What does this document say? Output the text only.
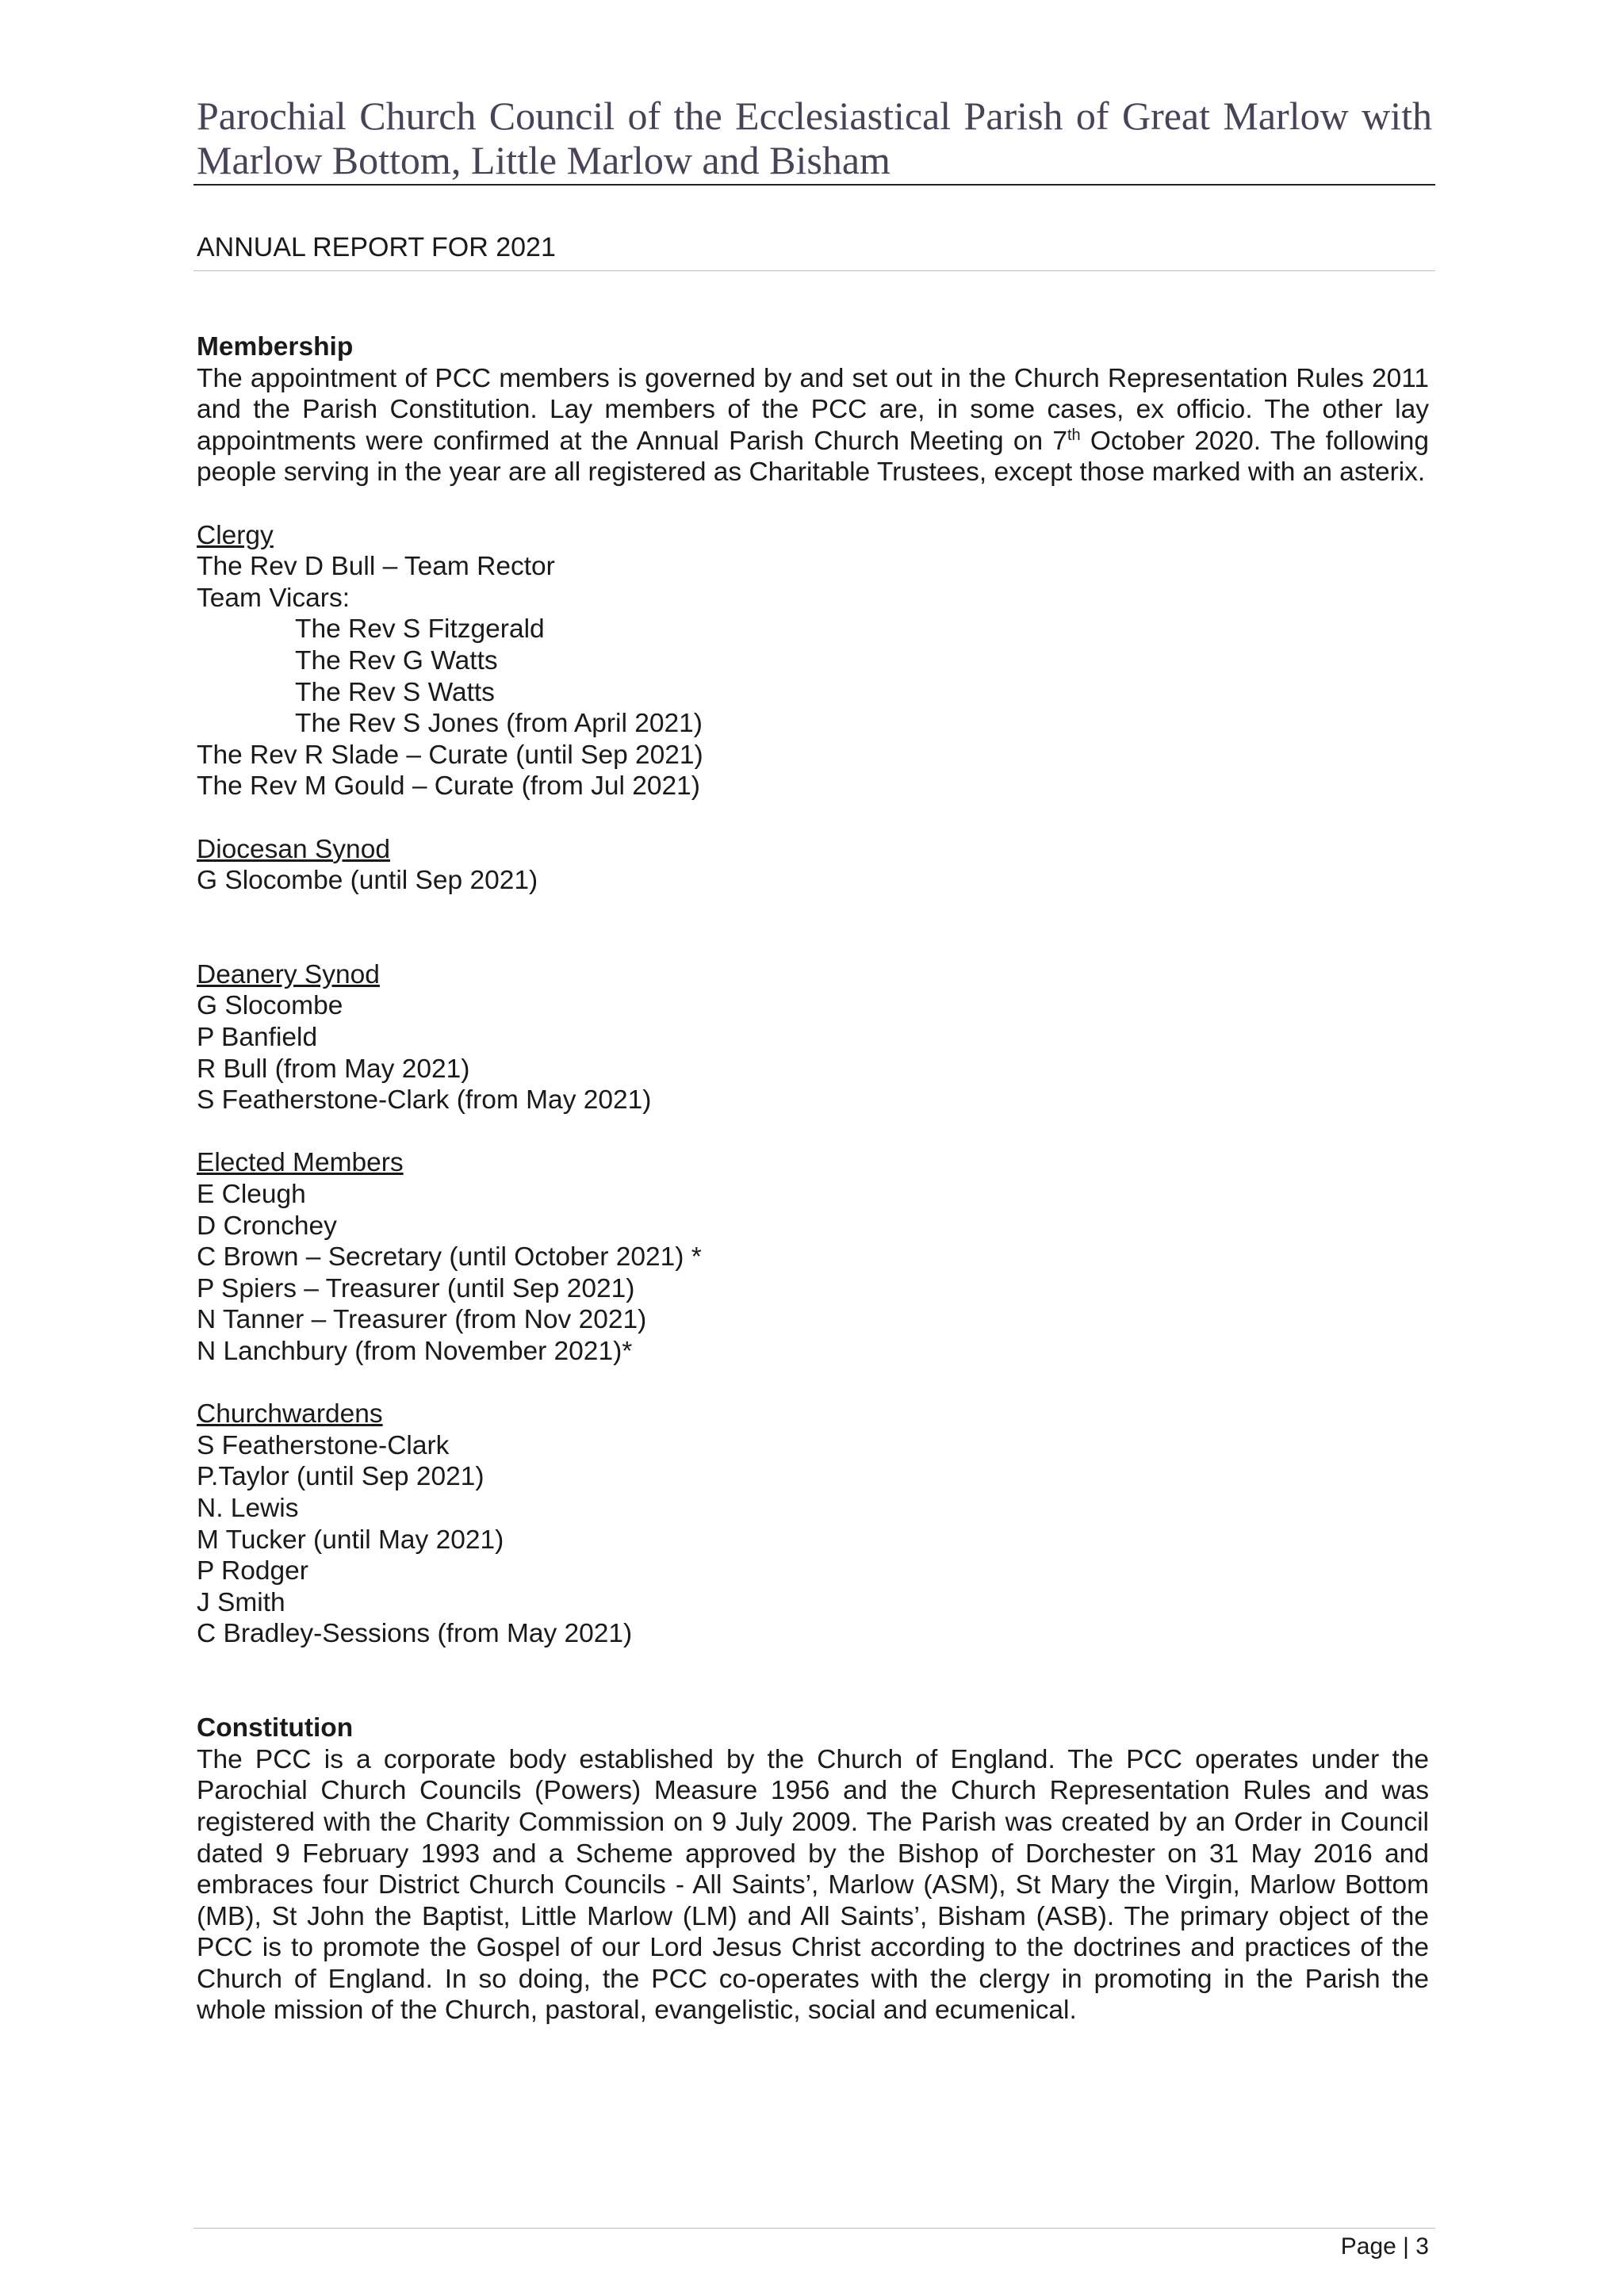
Parochial Church Council of the Ecclesiastical Parish of Great Marlow with Marlow Bottom, Little Marlow and Bisham
ANNUAL REPORT FOR 2021
Membership
The appointment of PCC members is governed by and set out in the Church Representation Rules 2011 and the Parish Constitution. Lay members of the PCC are, in some cases, ex officio. The other lay appointments were confirmed at the Annual Parish Church Meeting on 7th October 2020. The following people serving in the year are all registered as Charitable Trustees, except those marked with an asterix.
Clergy
The Rev D Bull – Team Rector
Team Vicars:
The Rev S Fitzgerald
The Rev G Watts
The Rev S Watts
The Rev S Jones (from April 2021)
The Rev R Slade – Curate (until Sep 2021)
The Rev M Gould – Curate (from Jul 2021)
Diocesan Synod
G Slocombe (until Sep 2021)
Deanery Synod
G Slocombe
P Banfield
R Bull (from May 2021)
S Featherstone-Clark (from May 2021)
Elected Members
E Cleugh
D Cronchey
C Brown – Secretary (until October 2021) *
P Spiers – Treasurer (until Sep 2021)
N Tanner – Treasurer (from Nov 2021)
N Lanchbury (from November 2021)*
Churchwardens
S Featherstone-Clark
P.Taylor (until Sep 2021)
N. Lewis
M Tucker (until May 2021)
P Rodger
J Smith
C Bradley-Sessions (from May 2021)
Constitution
The PCC is a corporate body established by the Church of England. The PCC operates under the Parochial Church Councils (Powers) Measure 1956 and the Church Representation Rules and was registered with the Charity Commission on 9 July 2009. The Parish was created by an Order in Council dated 9 February 1993 and a Scheme approved by the Bishop of Dorchester on 31 May 2016 and embraces four District Church Councils - All Saints’, Marlow (ASM), St Mary the Virgin, Marlow Bottom (MB), St John the Baptist, Little Marlow (LM) and All Saints’, Bisham (ASB). The primary object of the PCC is to promote the Gospel of our Lord Jesus Christ according to the doctrines and practices of the Church of England. In so doing, the PCC co-operates with the clergy in promoting in the Parish the whole mission of the Church, pastoral, evangelistic, social and ecumenical.
Page | 3
